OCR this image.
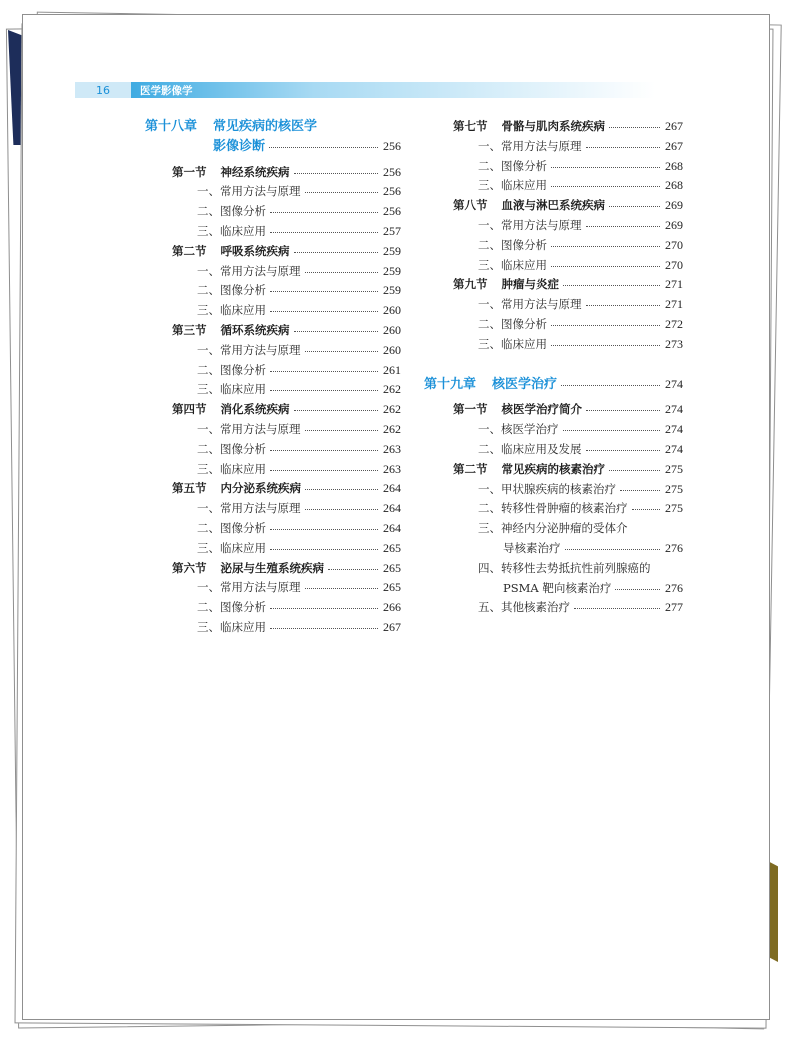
16	医学影像学
第十八章 常见疾病的核医学
影像诊断	256
第一节 神经系统疾病	256
一、 常用方法与原理	256
二、 图像分析	256
三、 临床应用	257
第二节 呼吸系统疾病	259
一、 常用方法与原理	259
二、 图像分析	259
三、 临床应用	260
第三节 循环系统疾病	260
一、 常用方法与原理	260
二、 图像分析	261
三、 临床应用	262
第四节 消化系统疾病	262
一、 常用方法与原理	262
二、 图像分析	263
三、 临床应用	263
第五节 内分泌系统疾病	264
一、 常用方法与原理	264
二、 图像分析	264
三、 临床应用	265
第六节 泌尿与生殖系统疾病	265
一、 常用方法与原理	265
二、 图像分析	266
三、 临床应用	267
第七节 骨骼与肌肉系统疾病	267
一、 常用方法与原理	267
二、 图像分析	268
三、 临床应用	268
第八节 血液与淋巴系统疾病	269
一、 常用方法与原理	269
二、 图像分析	270
三、 临床应用	270
第九节 肿瘤与炎症	271
一、 常用方法与原理	271
二、 图像分析	272
三、 临床应用	273
第十九章 核医学治疗	274
第一节 核医学治疗简介	274
一、 核医学治疗	274
二、 临床应用及发展	274
第二节 常见疾病的核素治疗	275
一、 甲状腺疾病的核素治疗	275
二、 转移性骨肿瘤的核素治疗	275
三、 神经内分泌肿瘤的受体介
导核素治疗	276
四、 转移性去势抵抗性前列腺癌的
PSMA 靶向核素治疗	276
五、 其他核素治疗	277
